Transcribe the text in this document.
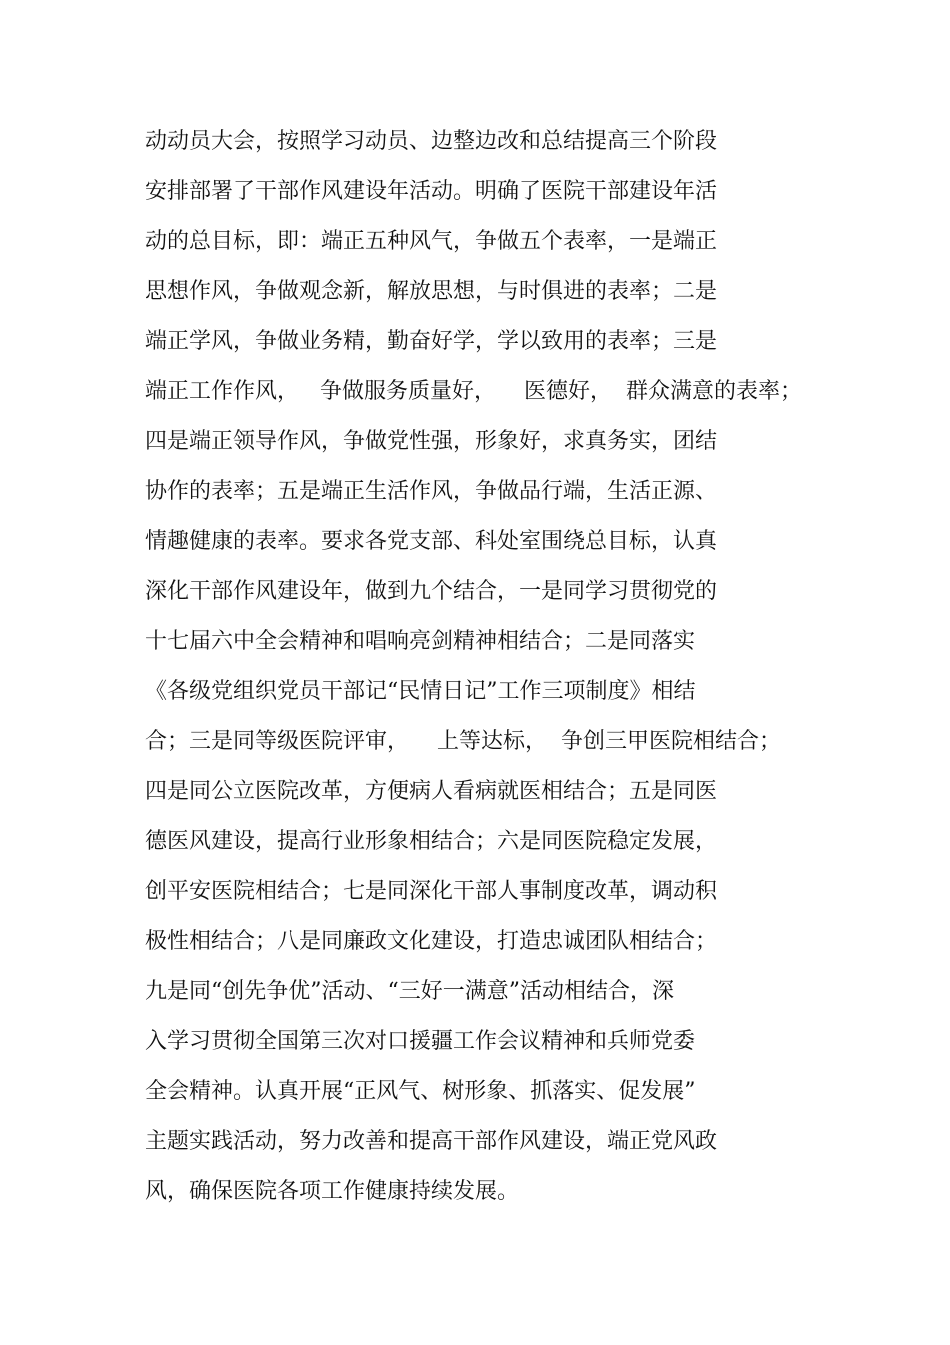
动动员大会，按照学习动员、边整边改和总结提高三个阶段
安排部署了干部作风建设年活动。明确了医院干部建设年活
动的总目标，即：端正五种风气，争做五个表率，一是端正
思想作风，争做观念新，解放思想，与时俱进的表率；二是
端正学风，争做业务精，勤奋好学，学以致用的表率；三是
端正工作作风，   争做服务质量好，    医德好，  群众满意的表率；
四是端正领导作风，争做党性强，形象好，求真务实，团结
协作的表率；五是端正生活作风，争做品行端，生活正源、
情趣健康的表率。要求各党支部、科处室围绕总目标，认真
深化干部作风建设年，做到九个结合，一是同学习贯彻党的
十七届六中全会精神和唱响亮剑精神相结合；二是同落实
《各级党组织党员干部记“民情日记”工作三项制度》相结
合；三是同等级医院评审，    上等达标，  争创三甲医院相结合；
四是同公立医院改革，方便病人看病就医相结合；五是同医
德医风建设，提高行业形象相结合；六是同医院稳定发展，
创平安医院相结合；七是同深化干部人事制度改革，调动积
极性相结合；八是同廉政文化建设，打造忠诚团队相结合；
九是同“创先争优”活动、“三好一满意”活动相结合，深
入学习贯彻全国第三次对口援疆工作会议精神和兵师党委
全会精神。认真开展“正风气、树形象、抓落实、促发展”
主题实践活动，努力改善和提高干部作风建设，端正党风政
风，确保医院各项工作健康持续发展。
